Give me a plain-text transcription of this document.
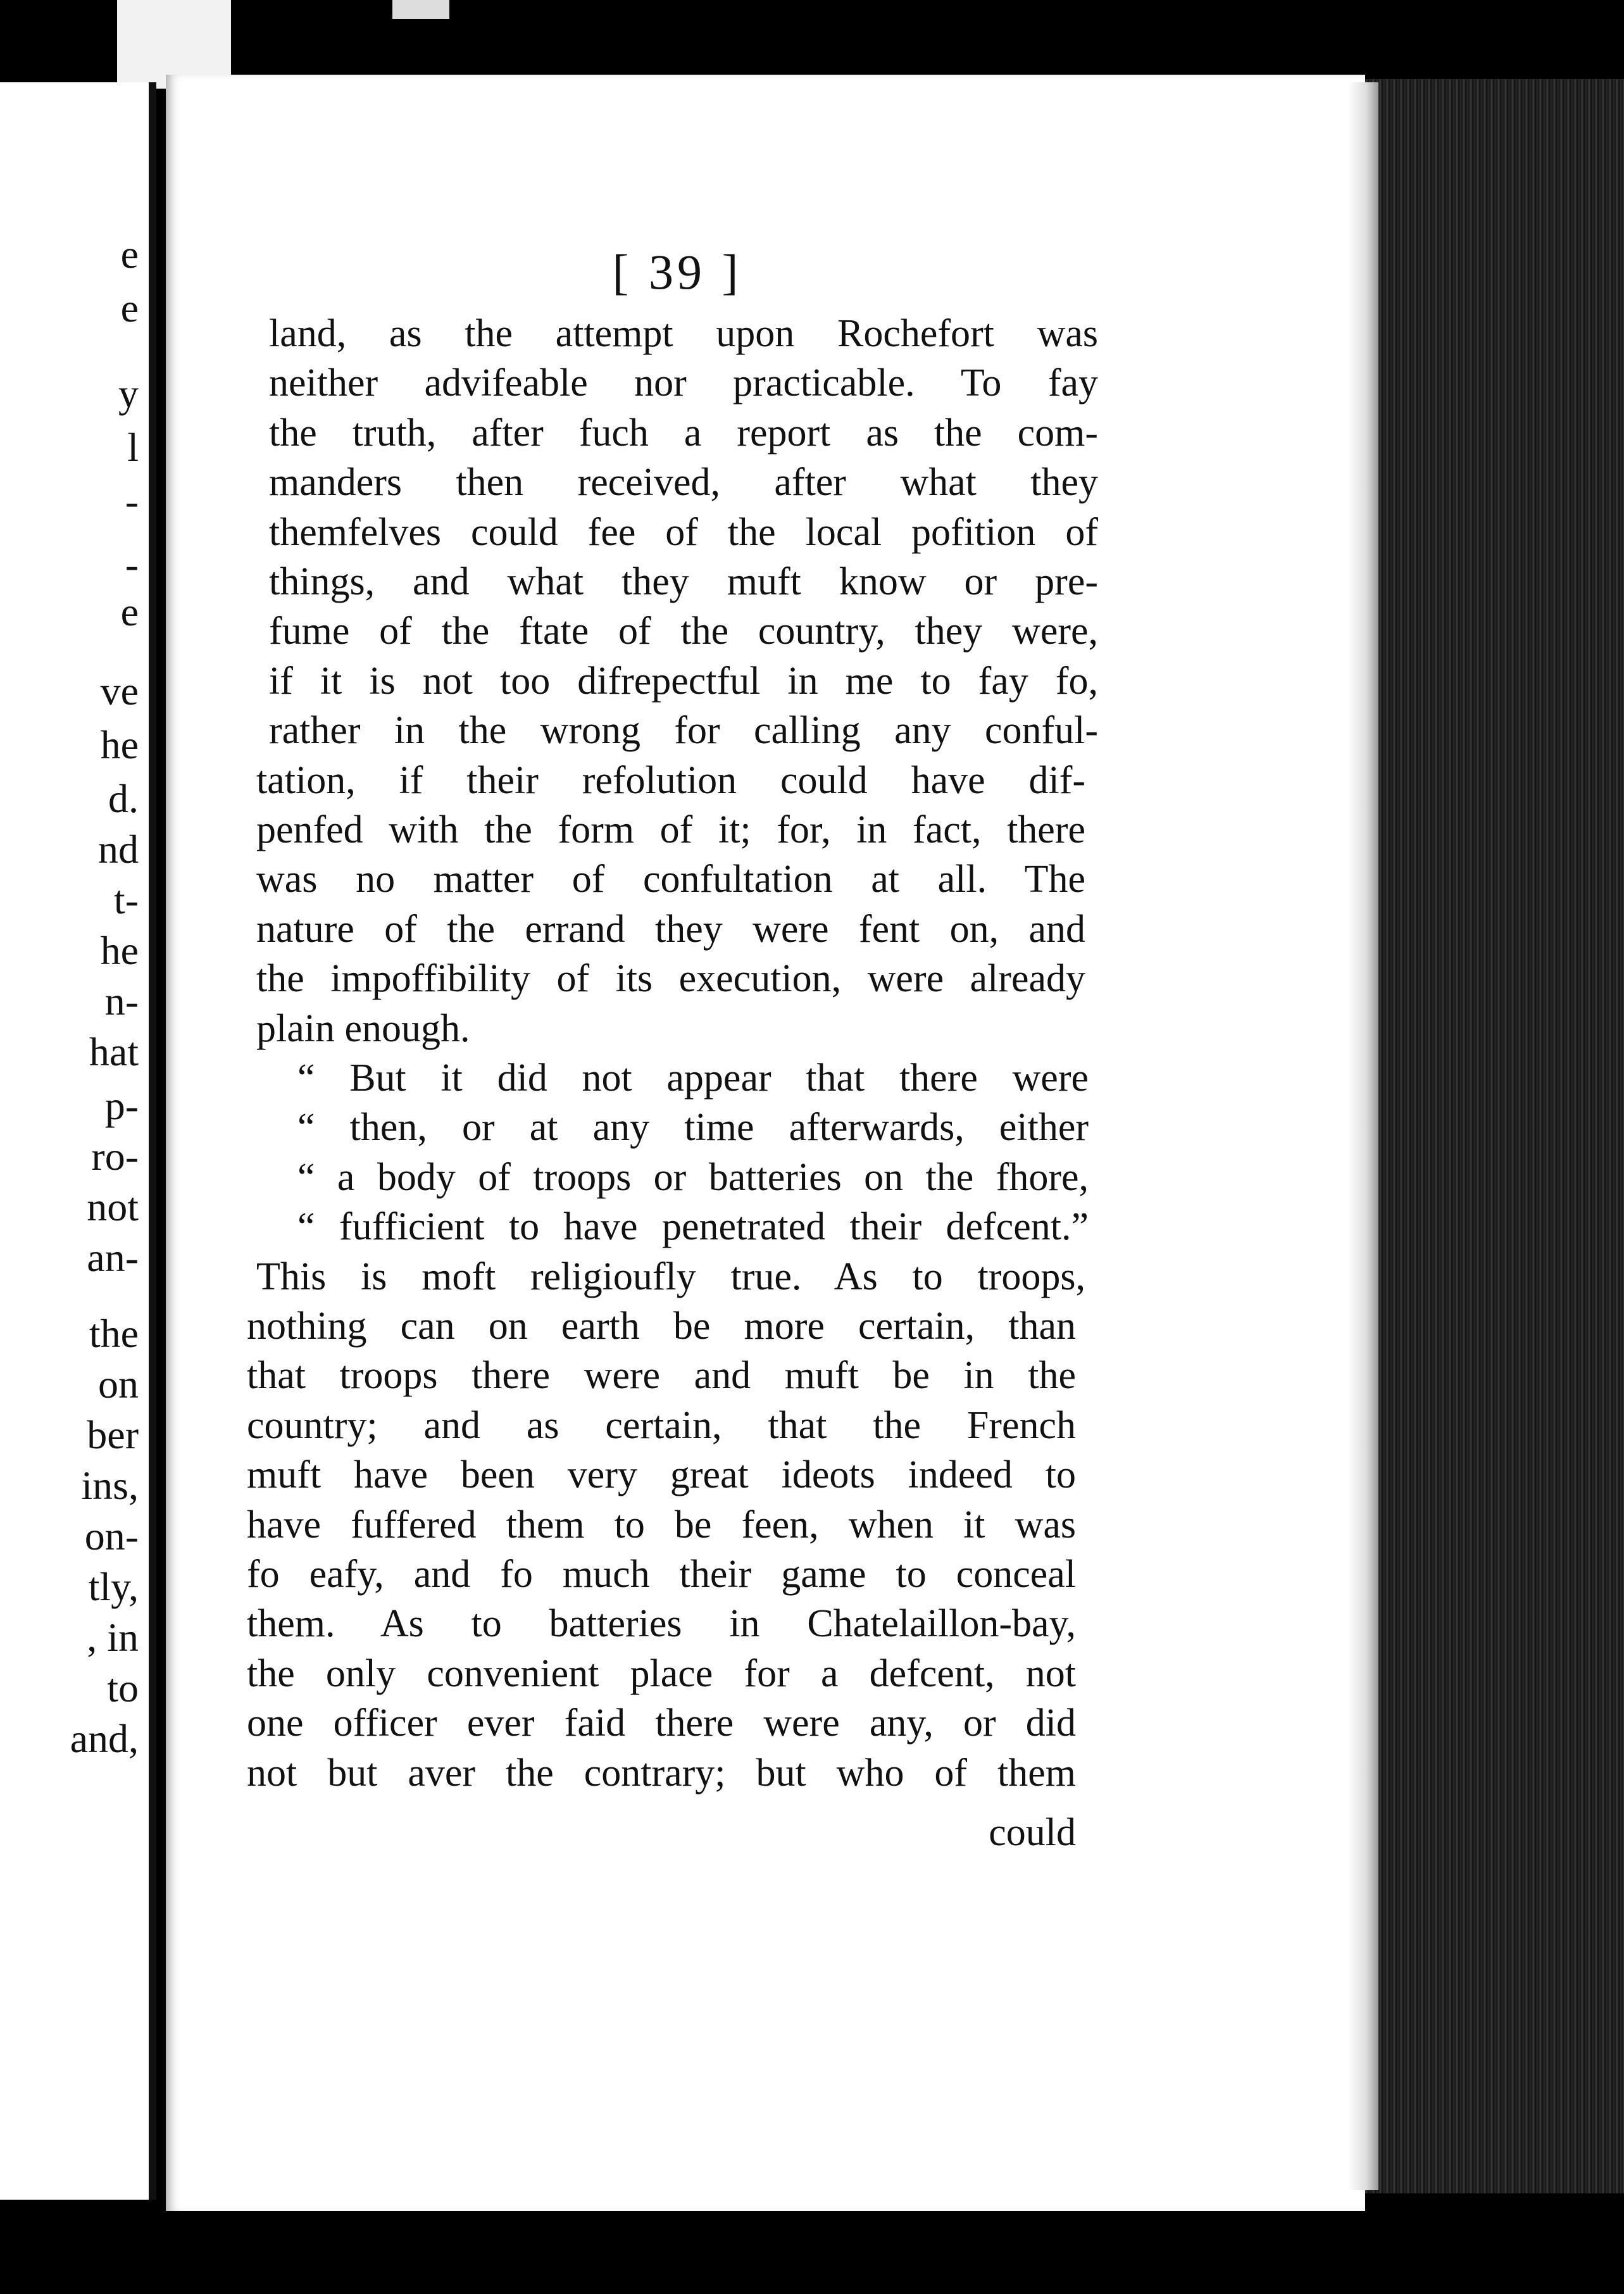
e
e
y
l
-
-
e
ve
he
d.
nd
t-
he
n-
hat
p-
ro-
not
an-
the
on
ber
ins,
on-
tly,
, in
to
and,
[ 39 ]
land, as the attempt upon Rochefort was
neither advifeable nor practicable. To fay
the truth, after fuch a report as the com-
manders then received, after what they
themfelves could fee of the local pofition of
things, and what they muft know or pre-
fume of the ftate of the country, they were,
if it is not too difrepectful in me to fay fo,
rather in the wrong for calling any conful-
tation, if their refolution could have dif-
penfed with the form of it; for, in fact, there
was no matter of confultation at all. The
nature of the errand they were fent on, and
the impoffibility of its execution, were already
plain enough.
“ But it did not appear that there were
“ then, or at any time afterwards, either
“ a body of troops or batteries on the fhore,
“ fufficient to have penetrated their defcent.”
This is moft religioufly true. As to troops,
nothing can on earth be more certain, than
that troops there were and muft be in the
country; and as certain, that the French
muft have been very great ideots indeed to
have fuffered them to be feen, when it was
fo eafy, and fo much their game to conceal
them. As to batteries in Chatelaillon-bay,
the only convenient place for a defcent, not
one officer ever faid there were any, or did
not but aver the contrary; but who of them
could
